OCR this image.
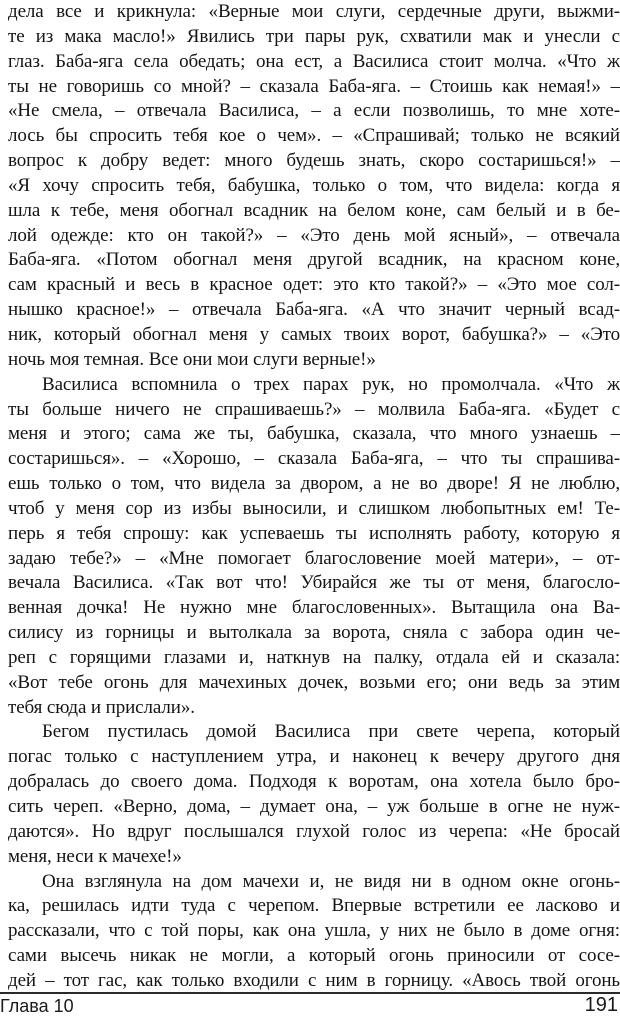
дела все и крикнула: «Верные мои слуги, сердечные други, выжми-
те из мака масло!» Явились три пары рук, схватили мак и унесли с
глаз. Баба-яга села обедать; она ест, а Василиса стоит молча. «Что ж
ты не говоришь со мной? – сказала Баба-яга. – Стоишь как немая!» –
«Не смела, – отвечала Василиса, – а если позволишь, то мне хоте-
лось бы спросить тебя кое о чем». – «Спрашивай; только не всякий
вопрос к добру ведет: много будешь знать, скоро состаришься!» –
«Я хочу спросить тебя, бабушка, только о том, что видела: когда я
шла к тебе, меня обогнал всадник на белом коне, сам белый и в бе-
лой одежде: кто он такой?» – «Это день мой ясный», – отвечала
Баба-яга. «Потом обогнал меня другой всадник, на красном коне,
сам красный и весь в красное одет: это кто такой?» – «Это мое сол-
нышко красное!» – отвечала Баба-яга. «А что значит черный всад-
ник, который обогнал меня у самых твоих ворот, бабушка?» – «Это
ночь моя темная. Все они мои слуги верные!»
Василиса вспомнила о трех парах рук, но промолчала. «Что ж
ты больше ничего не спрашиваешь?» – молвила Баба-яга. «Будет с
меня и этого; сама же ты, бабушка, сказала, что много узнаешь –
состаришься». – «Хорошо, – сказала Баба-яга, – что ты спрашива-
ешь только о том, что видела за двором, а не во дворе! Я не люблю,
чтоб у меня сор из избы выносили, и слишком любопытных ем! Те-
перь я тебя спрошу: как успеваешь ты исполнять работу, которую я
задаю тебе?» – «Мне помогает благословение моей матери», – от-
вечала Василиса. «Так вот что! Убирайся же ты от меня, благосло-
венная дочка! Не нужно мне благословенных». Вытащила она Ва-
силису из горницы и вытолкала за ворота, сняла с забора один че-
реп с горящими глазами и, наткнув на палку, отдала ей и сказала:
«Вот тебе огонь для мачехиных дочек, возьми его; они ведь за этим
тебя сюда и прислали».
Бегом пустилась домой Василиса при свете черепа, который
погас только с наступлением утра, и наконец к вечеру другого дня
добралась до своего дома. Подходя к воротам, она хотела было бро-
сить череп. «Верно, дома, – думает она, – уж больше в огне не нуж-
даются». Но вдруг послышался глухой голос из черепа: «Не бросай
меня, неси к мачехе!»
Она взглянула на дом мачехи и, не видя ни в одном окне огонь-
ка, решилась идти туда с черепом. Впервые встретили ее ласково и
рассказали, что с той поры, как она ушла, у них не было в доме огня:
сами высечь никак не могли, а который огонь приносили от сосе-
дей – тот гас, как только входили с ним в горницу. «Авось твой огонь
Глава 10	191
